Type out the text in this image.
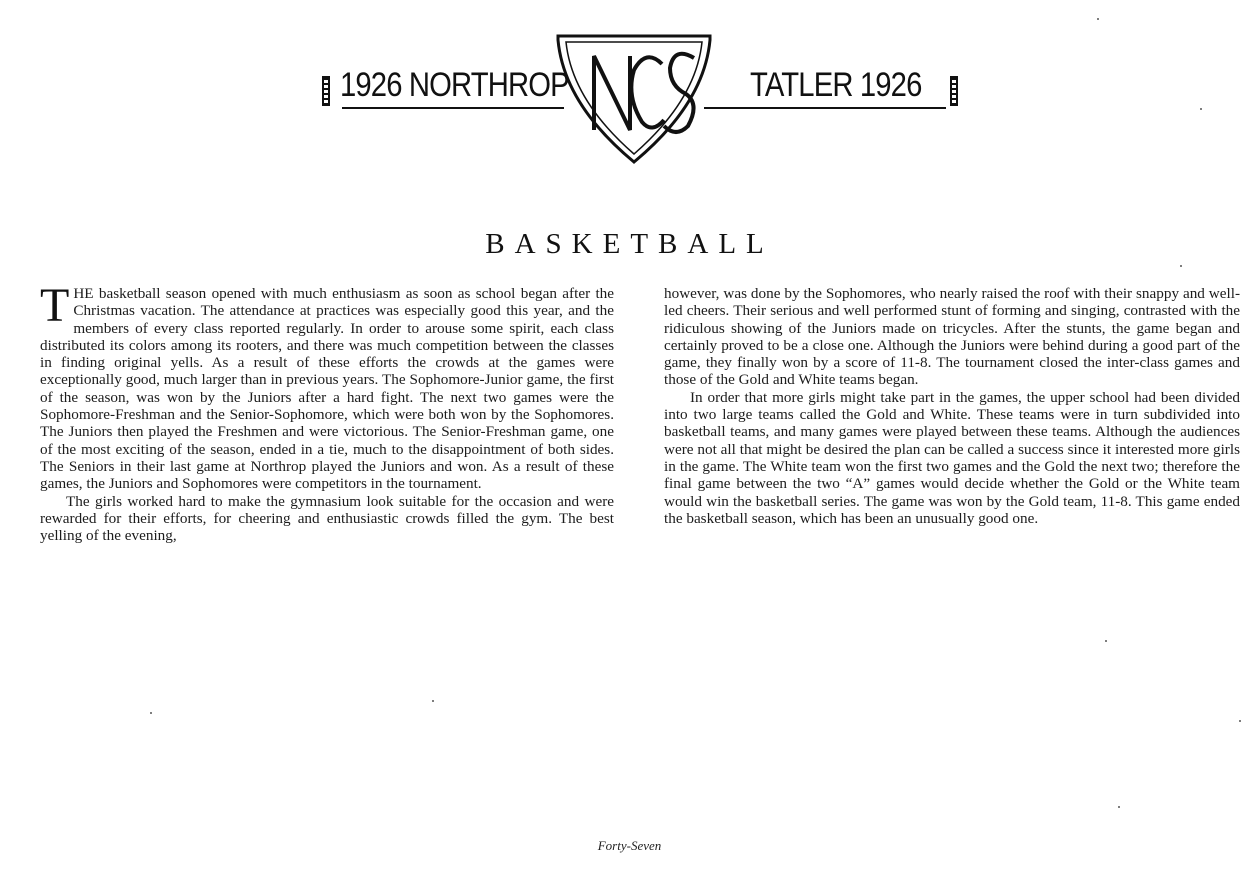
1926 NORTHROP	TATLER 1926
BASKETBALL

THE basketball season opened with much enthusiasm as soon as school began after the Christmas vacation. The attendance at practices was especially good this year, and the members of every class reported regularly. In order to arouse some spirit, each class distributed its colors among its rooters, and there was much competition between the classes in finding original yells. As a result of these efforts the crowds at the games were exceptionally good, much larger than in previous years. The Sophomore-Junior game, the first of the season, was won by the Juniors after a hard fight. The next two games were the Sophomore-Freshman and the Senior-Sophomore, which were both won by the Sophomores. The Juniors then played the Freshmen and were victorious. The Senior-Freshman game, one of the most exciting of the season, ended in a tie, much to the disappointment of both sides. The Seniors in their last game at Northrop played the Juniors and won. As a result of these games, the Juniors and Sophomores were competitors in the tournament.

The girls worked hard to make the gymnasium look suitable for the occasion and were rewarded for their efforts, for cheering and enthusiastic crowds filled the gym. The best yelling of the evening,

however, was done by the Sophomores, who nearly raised the roof with their snappy and well-led cheers. Their serious and well performed stunt of forming and singing, contrasted with the ridiculous showing of the Juniors made on tricycles. After the stunts, the game began and certainly proved to be a close one. Although the Juniors were behind during a good part of the game, they finally won by a score of 11-8. The tournament closed the inter-class games and those of the Gold and White teams began.

In order that more girls might take part in the games, the upper school had been divided into two large teams called the Gold and White. These teams were in turn subdivided into basketball teams, and many games were played between these teams. Although the audiences were not all that might be desired the plan can be called a success since it interested more girls in the game. The White team won the first two games and the Gold the next two; therefore the final game between the two “A” games would decide whether the Gold or the White team would win the basketball series. The game was won by the Gold team, 11-8. This game ended the basketball season, which has been an unusually good one.

Forty-Seven
